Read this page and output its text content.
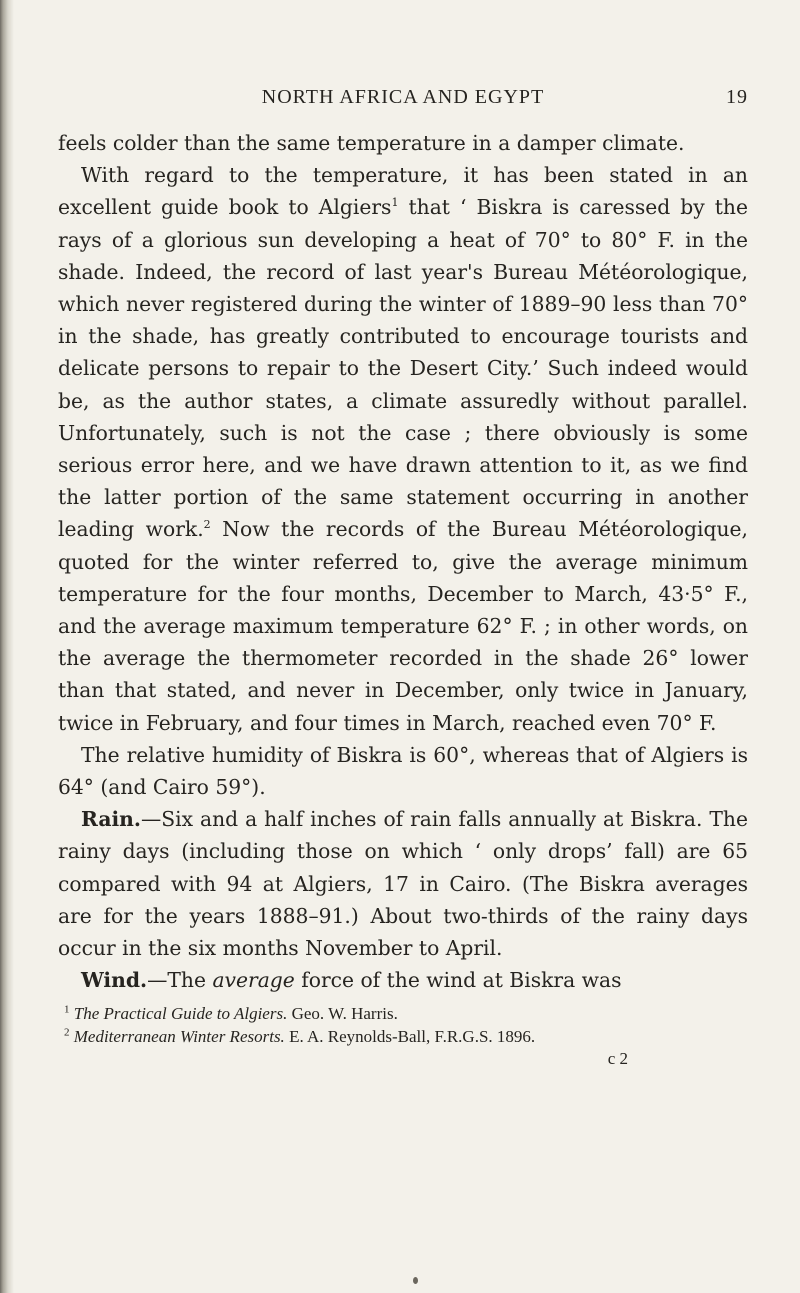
NORTH AFRICA AND EGYPT	19

feels colder than the same temperature in a damper climate.

With regard to the temperature, it has been stated in an excellent guide book to Algiers$^1$ that ‘ Biskra is caressed by the rays of a glorious sun developing a heat of 70° to 80° F. in the shade. Indeed, the record of last year's Bureau Météorologique, which never registered during the winter of 1889–90 less than 70° in the shade, has greatly contributed to encourage tourists and delicate persons to repair to the Desert City.’ Such indeed would be, as the author states, a climate assuredly without parallel. Unfortunately, such is not the case ; there obviously is some serious error here, and we have drawn attention to it, as we find the latter portion of the same statement occurring in another leading work.$^2$ Now the records of the Bureau Météorologique, quoted for the winter referred to, give the average minimum temperature for the four months, December to March, 43·5° F., and the average maximum temperature 62° F. ; in other words, on the average the thermometer recorded in the shade 26° lower than that stated, and never in December, only twice in January, twice in February, and four times in March, reached even 70° F.

The relative humidity of Biskra is 60°, whereas that of Algiers is 64° (and Cairo 59°).

Rain.—Six and a half inches of rain falls annually at Biskra. The rainy days (including those on which ‘ only drops’ fall) are 65 compared with 94 at Algiers, 17 in Cairo. (The Biskra averages are for the years 1888–91.) About two-thirds of the rainy days occur in the six months November to April.

Wind.—The average force of the wind at Biskra was

$^1$ The Practical Guide to Algiers. Geo. W. Harris.
$^2$ Mediterranean Winter Resorts. E. A. Reynolds-Ball, F.R.G.S. 1896.
c 2
